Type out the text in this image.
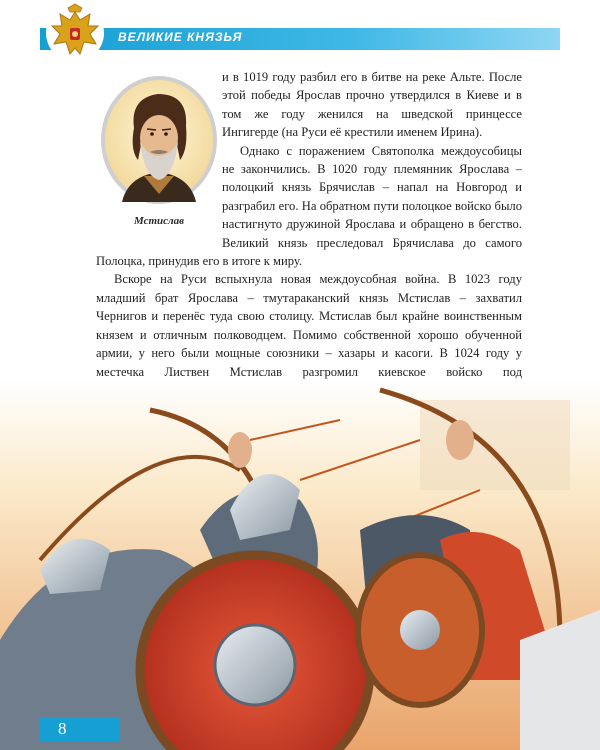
ВЕЛИКИЕ КНЯЗЬЯ
Мстислав

и в 1019 году разбил его в битве на реке Альте. После этой победы Ярослав прочно утвердился в Киеве и в том же году женился на шведской принцессе Ингигерде (на Руси её крестили именем Ирина).

Однако с поражением Святополка междоусобицы не закончились. В 1020 году племянник Ярослава – полоцкий князь Брячислав – напал на Новгород и разграбил его. На обратном пути полоцкое войско было настигнуто дружиной Ярослава и обращено в бегство. Великий князь преследовал Брячислава до самого Полоцка, принудив его в итоге к миру.

Вскоре на Руси вспыхнула новая междоусобная война. В 1023 году младший брат Ярослава – тмутараканский князь Мстислав – захватил Чернигов и перенёс туда свою столицу. Мстислав был крайне воинственным князем и отличным полководцем. Помимо собственной хорошо обученной армии, у него были мощные союзники – хазары и касоги. В 1024 году у местечка Листвен Мстислав разгромил киевское войско под

8
